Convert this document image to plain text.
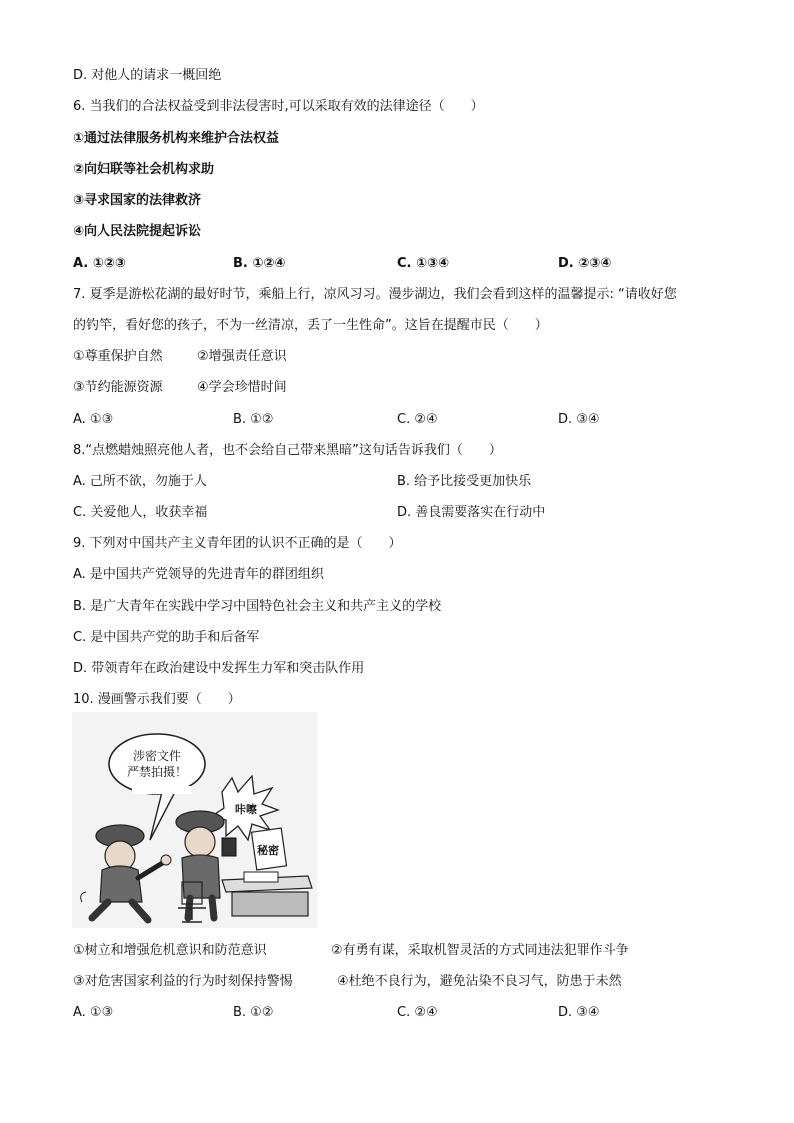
D. 对他人的请求一概回绝
6. 当我们的合法权益受到非法侵害时,可以采取有效的法律途径（　　）
①通过法律服务机构来维护合法权益
②向妇联等社会机构求助
③寻求国家的法律救济
④向人民法院提起诉讼
A. ①②③	B. ①②④	C. ①③④	D. ②③④
7. 夏季是游松花湖的最好时节，乘船上行，凉风习习。漫步湖边，我们会看到这样的温馨提示: “请收好您
的钓竿，看好您的孩子，不为一丝清凉，丢了一生性命”。这旨在提醒市民（　　）
①尊重保护自然	②增强责任意识
③节约能源资源	④学会珍惜时间
A. ①③	B. ①②	C. ②④	D. ③④
8.“点燃蜡烛照亮他人者，也不会给自己带来黑暗”这句话告诉我们（　　）
A. 己所不欲，勿施于人	B. 给予比接受更加快乐
C. 关爱他人，收获幸福	D. 善良需要落实在行动中
9. 下列对中国共产主义青年团的认识不正确的是（　　）
A. 是中国共产党领导的先进青年的群团组织
B. 是广大青年在实践中学习中国特色社会主义和共产主义的学校
C. 是中国共产党的助手和后备军
D. 带领青年在政治建设中发挥生力军和突击队作用
10. 漫画警示我们要（　　）
涉密文件
严禁拍摄！
咔嚓
秘密
①树立和增强危机意识和防范意识	②有勇有谋，采取机智灵活的方式同违法犯罪作斗争
③对危害国家利益的行为时刻保持警惕	④杜绝不良行为，避免沾染不良习气，防患于未然
A. ①③	B. ①②	C. ②④	D. ③④
